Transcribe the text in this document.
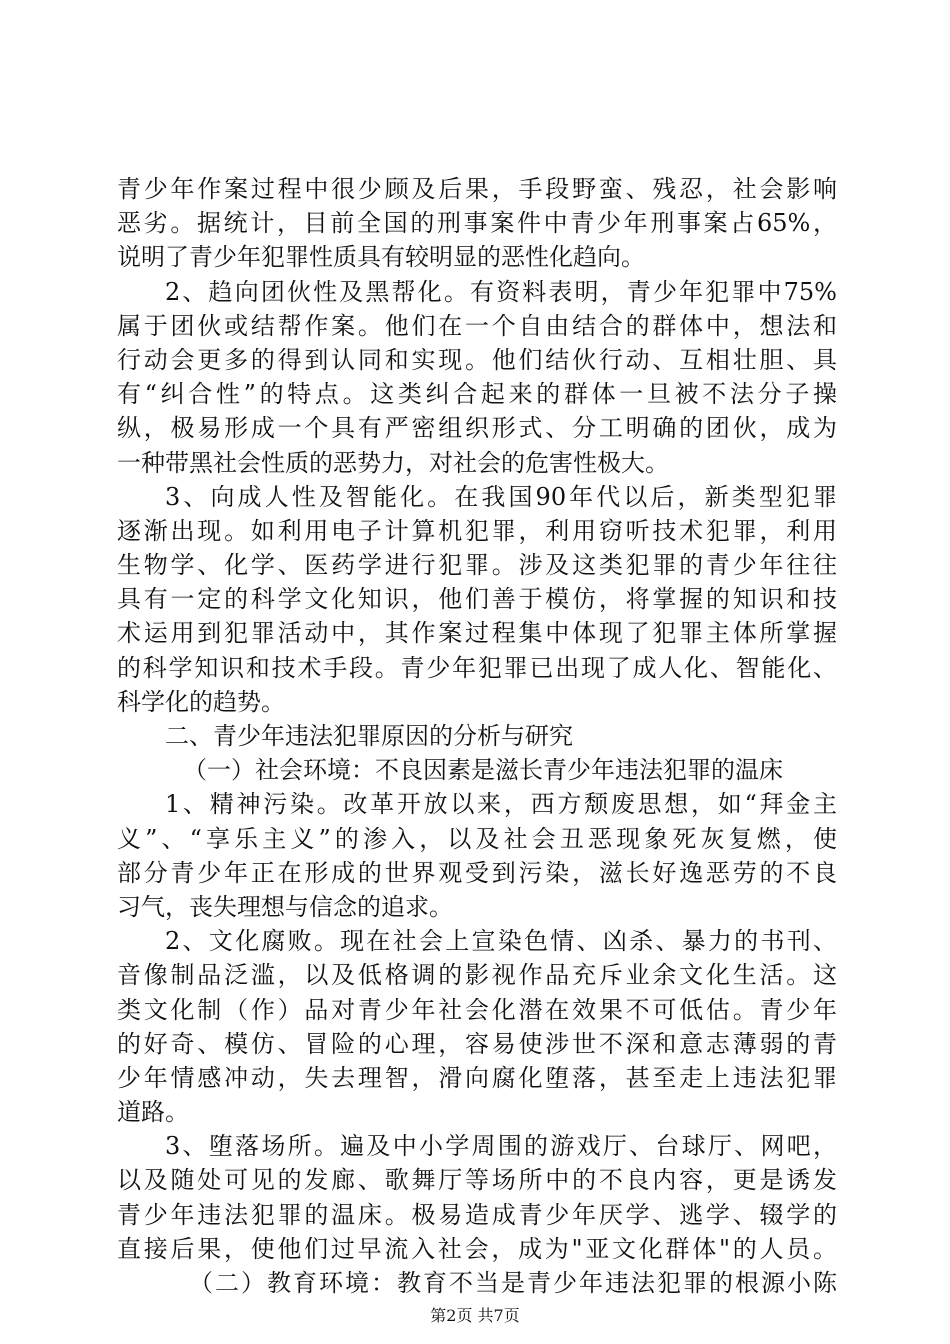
青少年作案过程中很少顾及后果，手段野蛮、残忍，社会影响
恶劣。据统计，目前全国的刑事案件中青少年刑事案占65%，
说明了青少年犯罪性质具有较明显的恶性化趋向。
2、趋向团伙性及黑帮化。有资料表明，青少年犯罪中75%
属于团伙或结帮作案。他们在一个自由结合的群体中，想法和
行动会更多的得到认同和实现。他们结伙行动、互相壮胆、具
有“纠合性”的特点。这类纠合起来的群体一旦被不法分子操
纵，极易形成一个具有严密组织形式、分工明确的团伙，成为
一种带黑社会性质的恶势力，对社会的危害性极大。
3、向成人性及智能化。在我国90年代以后，新类型犯罪
逐渐出现。如利用电子计算机犯罪，利用窃听技术犯罪，利用
生物学、化学、医药学进行犯罪。涉及这类犯罪的青少年往往
具有一定的科学文化知识，他们善于模仿，将掌握的知识和技
术运用到犯罪活动中，其作案过程集中体现了犯罪主体所掌握
的科学知识和技术手段。青少年犯罪已出现了成人化、智能化、
科学化的趋势。
二、青少年违法犯罪原因的分析与研究
（一）社会环境：不良因素是滋长青少年违法犯罪的温床
1、精神污染。改革开放以来，西方颓废思想，如“拜金主
义”、“享乐主义”的渗入，以及社会丑恶现象死灰复燃，使
部分青少年正在形成的世界观受到污染，滋长好逸恶劳的不良
习气，丧失理想与信念的追求。
2、文化腐败。现在社会上宣染色情、凶杀、暴力的书刊、
音像制品泛滥，以及低格调的影视作品充斥业余文化生活。这
类文化制（作）品对青少年社会化潜在效果不可低估。青少年
的好奇、模仿、冒险的心理，容易使涉世不深和意志薄弱的青
少年情感冲动，失去理智，滑向腐化堕落，甚至走上违法犯罪
道路。
3、堕落场所。遍及中小学周围的游戏厅、台球厅、网吧，
以及随处可见的发廊、歌舞厅等场所中的不良内容，更是诱发
青少年违法犯罪的温床。极易造成青少年厌学、逃学、辍学的
直接后果，使他们过早流入社会，成为"亚文化群体"的人员。
（二）教育环境：教育不当是青少年违法犯罪的根源小陈
第2页 共7页
